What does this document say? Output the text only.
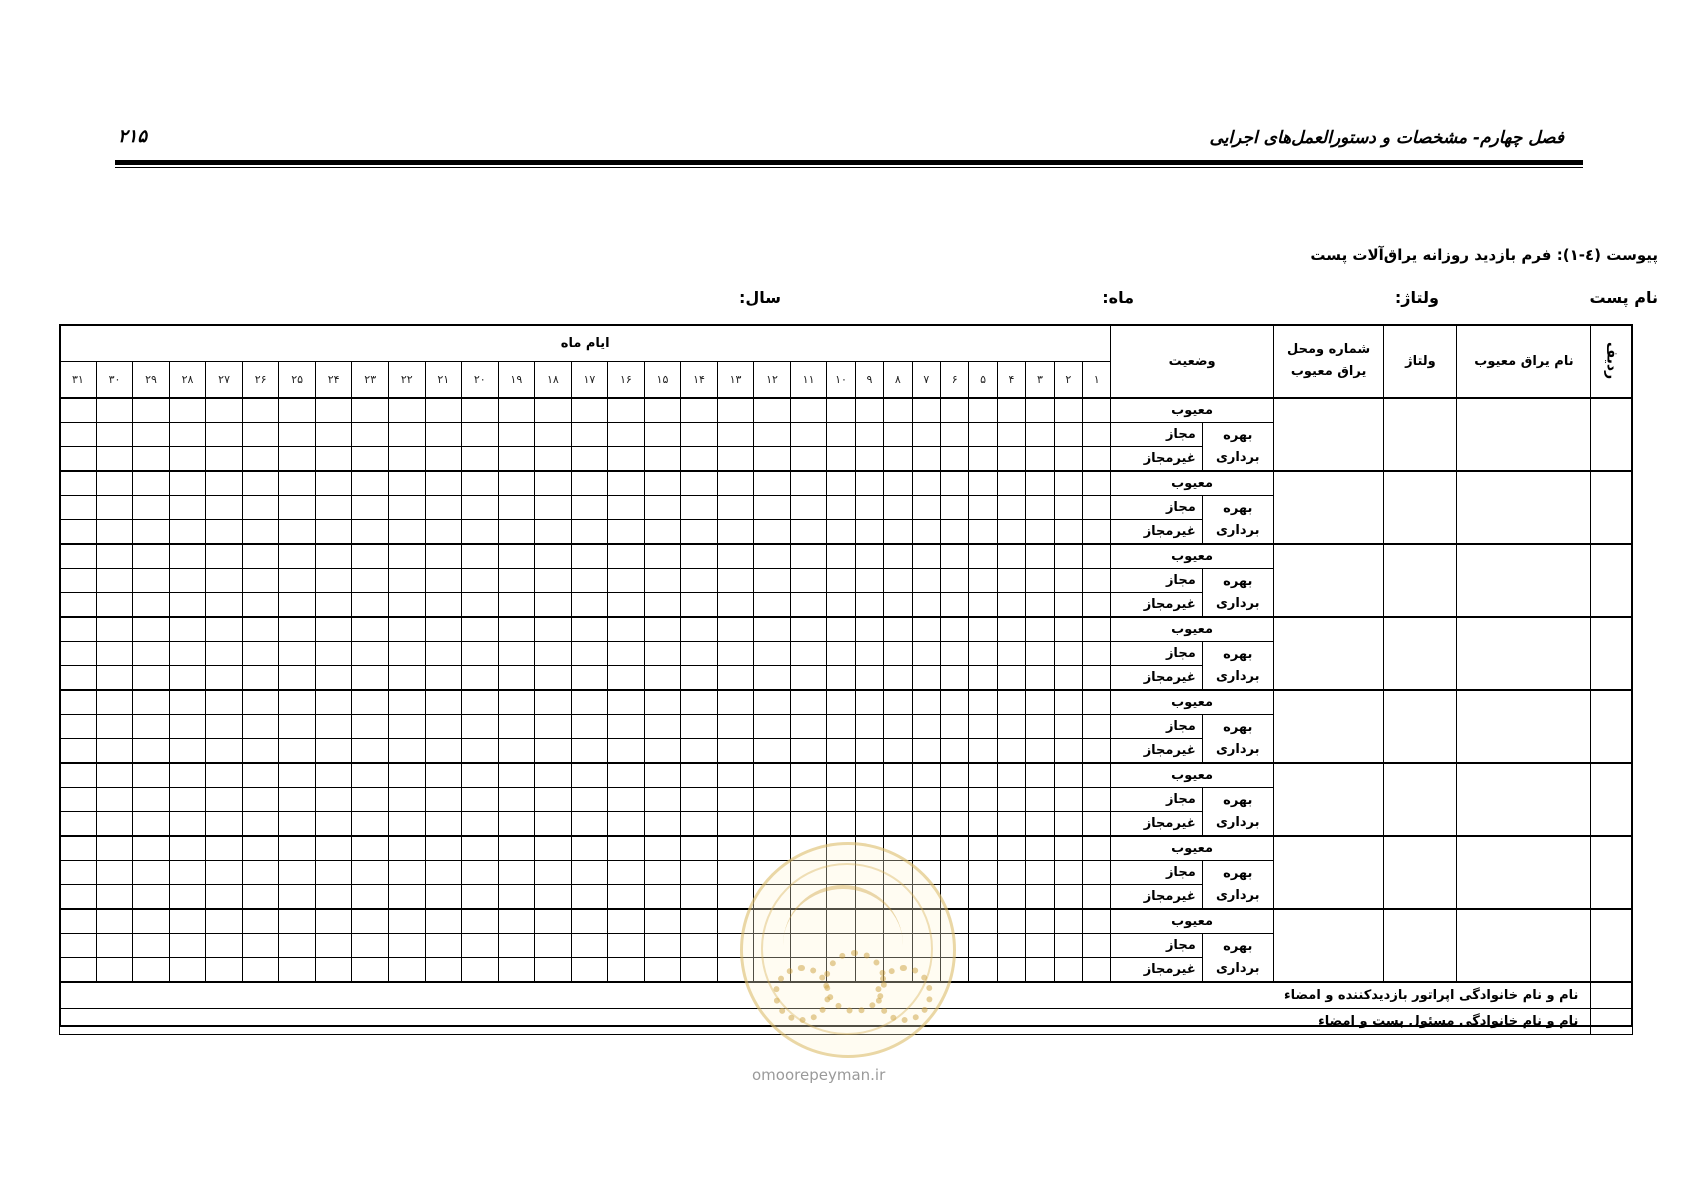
فصل چهارم- مشخصات و دستورالعمل‌های اجرایی
۲۱۵
پیوست (٤-١): فرم بازدید روزانه یراق‌آلات پست
نام پست
ولتاژ:
ماه:
سال:
ردیف	نام یراق معیوب	ولتاژ	شماره ومحل یراق معیوب	وضعیت		ایام ماه																														
						۱	۲	۳	۴	۵	۶	۷	۸	۹	۱۰	۱۱	۱۲	۱۳	۱۴	۱۵	۱۶	۱۷	۱۸	۱۹	۲۰	۲۱	۲۲	۲۳	۲۴	۲۵	۲۶	۲۷	۲۸	۲۹	۳۰	۳۱
				معیوب																																

				بهره
برداری	مجاز																															
					غیرمجاز																															
				معیوب																																

				بهره
برداری	مجاز																															
					غیرمجاز																															
				معیوب																																

				بهره
برداری	مجاز																															
					غیرمجاز																															
				معیوب																																

				بهره
برداری	مجاز																															
					غیرمجاز																															
				معیوب																																

				بهره
برداری	مجاز																															
					غیرمجاز																															
				معیوب																																

				بهره
برداری	مجاز																															
					غیرمجاز																															
				معیوب																																

				بهره
برداری	مجاز																															
					غیرمجاز																															
				معیوب																																

				بهره
برداری	مجاز																															
					غیرمجاز																															
	نام و نام خانوادگی اپراتور بازدیدکننده و امضاء																																			
	نام و نام خانوادگی مسئول پست و امضاء																																			
omoorepeyman.ir
